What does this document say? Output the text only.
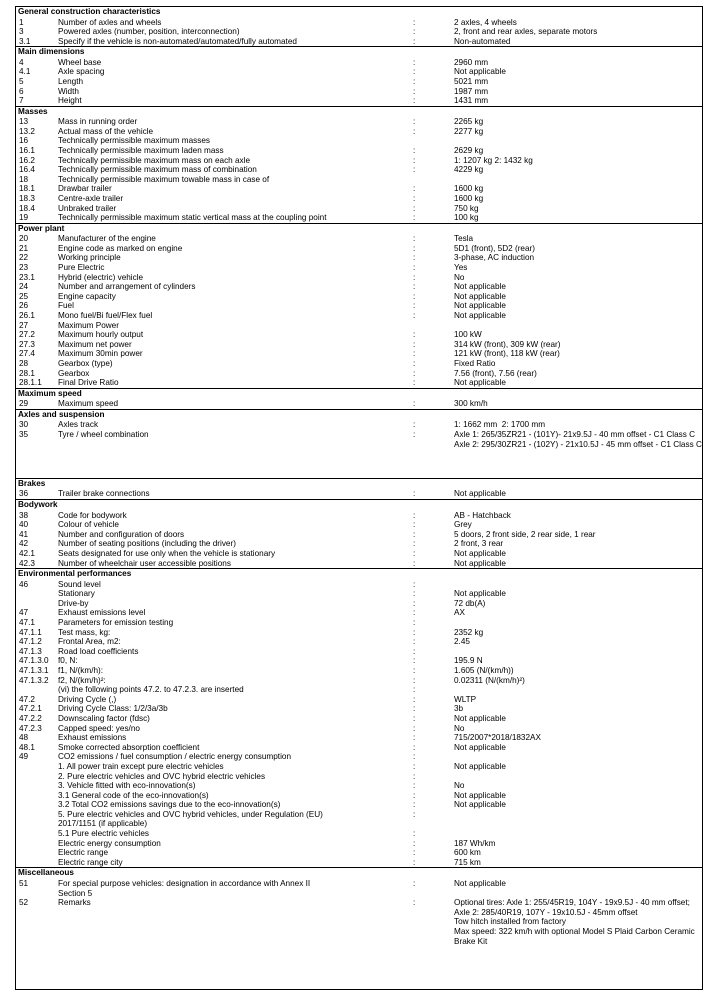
General construction characteristics
1	Number of axles and wheels	:	2 axles, 4 wheels
3	Powered axles (number, position, interconnection)	:	2, front and rear axles, separate motors
3.1	Specify if the vehicle is non-automated/automated/fully automated	:	Non-automated
Main dimensions
4	Wheel base	:	2960 mm
4.1	Axle spacing	:	Not applicable
5	Length	:	5021 mm
6	Width	:	1987 mm
7	Height	:	1431 mm
Masses
13	Mass in running order	:	2265 kg
13.2	Actual mass of the vehicle	:	2277 kg
16	Technically permissible maximum masses
16.1	Technically permissible maximum laden mass	:	2629 kg
16.2	Technically permissible maximum mass on each axle	:	1: 1207 kg 2: 1432 kg
16.4	Technically permissible maximum mass of combination	:	4229 kg
18	Technically permissible maximum towable mass in case of
18.1	Drawbar trailer	:	1600 kg
18.3	Centre-axle trailer	:	1600 kg
18.4	Unbraked trailer	:	750 kg
19	Technically permissible maximum static vertical mass at the coupling point	:	100 kg
Power plant
20	Manufacturer of the engine	:	Tesla
21	Engine code as marked on engine	:	5D1 (front), 5D2 (rear)
22	Working principle	:	3-phase, AC induction
23	Pure Electric	:	Yes
23.1	Hybrid (electric) vehicle	:	No
24	Number and arrangement of cylinders	:	Not applicable
25	Engine capacity	:	Not applicable
26	Fuel	:	Not applicable
26.1	Mono fuel/Bi fuel/Flex fuel	:	Not applicable
27	Maximum Power
27.2	Maximum hourly output	:	100 kW
27.3	Maximum net power	:	314 kW (front), 309 kW (rear)
27.4	Maximum 30min power	:	121 kW (front), 118 kW (rear)
28	Gearbox (type)	:	Fixed Ratio
28.1	Gearbox	:	7.56 (front), 7.56 (rear)
28.1.1	Final Drive Ratio	:	Not applicable
Maximum speed
29	Maximum speed	:	300 km/h
Axles and suspension
30	Axles track	:	1: 1662 mm  2: 1700 mm
35	Tyre / wheel combination	:	Axle 1: 265/35ZR21 - (101Y)- 21x9.5J - 40 mm offset - C1 Class C
Axle 2: 295/30ZR21 - (102Y) - 21x10.5J - 45 mm offset - C1 Class C
Brakes
36	Trailer brake connections	:	Not applicable
Bodywork
38	Code for bodywork	:	AB - Hatchback
40	Colour of vehicle	:	Grey
41	Number and configuration of doors	:	5 doors, 2 front side, 2 rear side, 1 rear
42	Number of seating positions (including the driver)	:	2 front, 3 rear
42.1	Seats designated for use only when the vehicle is stationary	:	Not applicable
42.3	Number of wheelchair user accessible positions	:	Not applicable
Environmental performances
46	Sound level	:
Stationary	:	Not applicable
Drive-by	:	72 db(A)
47	Exhaust emissions level	:	AX
47.1	Parameters for emission testing	:
47.1.1	Test mass, kg:	:	2352 kg
47.1.2	Frontal Area, m2:	:	2.45
47.1.3	Road load coefficients	:
47.1.3.0	f0, N:	:	195.9 N
47.1.3.1	f1, N/(km/h):	:	1.605 (N/(km/h))
47.1.3.2	f2, N/(km/h)²:	:	0.02311 (N/(km/h)²)
(vi) the following points 47.2. to 47.2.3. are inserted	:
47.2	Driving Cycle (,)	:	WLTP
47.2.1	Driving Cycle Class: 1/2/3a/3b	:	3b
47.2.2	Downscaling factor (fdsc)	:	Not applicable
47.2.3	Capped speed: yes/no	:	No
48	Exhaust emissions	:	715/2007*2018/1832AX
48.1	Smoke corrected absorption coefficient	:	Not applicable
49	CO2 emissions / fuel consumption / electric energy consumption	:
1. All power train except pure electric vehicles	:	Not applicable
2. Pure electric vehicles and OVC hybrid electric vehicles	:
3. Vehicle fitted with eco-innovation(s)	:	No
3.1 General code of the eco-innovation(s)	:	Not applicable
3.2 Total CO2 emissions savings due to the eco-innovation(s)	:	Not applicable
5. Pure electric vehicles and OVC hybrid vehicles, under Regulation (EU)
2017/1151 (if applicable)
:
5.1 Pure electric vehicles	:
Electric energy consumption	:	187 Wh/km
Electric range	:	600 km
Electric range city	:	715 km
Miscellaneous
51	For special purpose vehicles: designation in accordance with Annex II
Section 5
:	Not applicable
52	Remarks	:	Optional tires: Axle 1: 255/45R19, 104Y - 19x9.5J - 40 mm offset;
Axle 2: 285/40R19, 107Y - 19x10.5J - 45mm offset
Tow hitch installed from factory
Max speed: 322 km/h with optional Model S Plaid Carbon Ceramic Brake Kit
